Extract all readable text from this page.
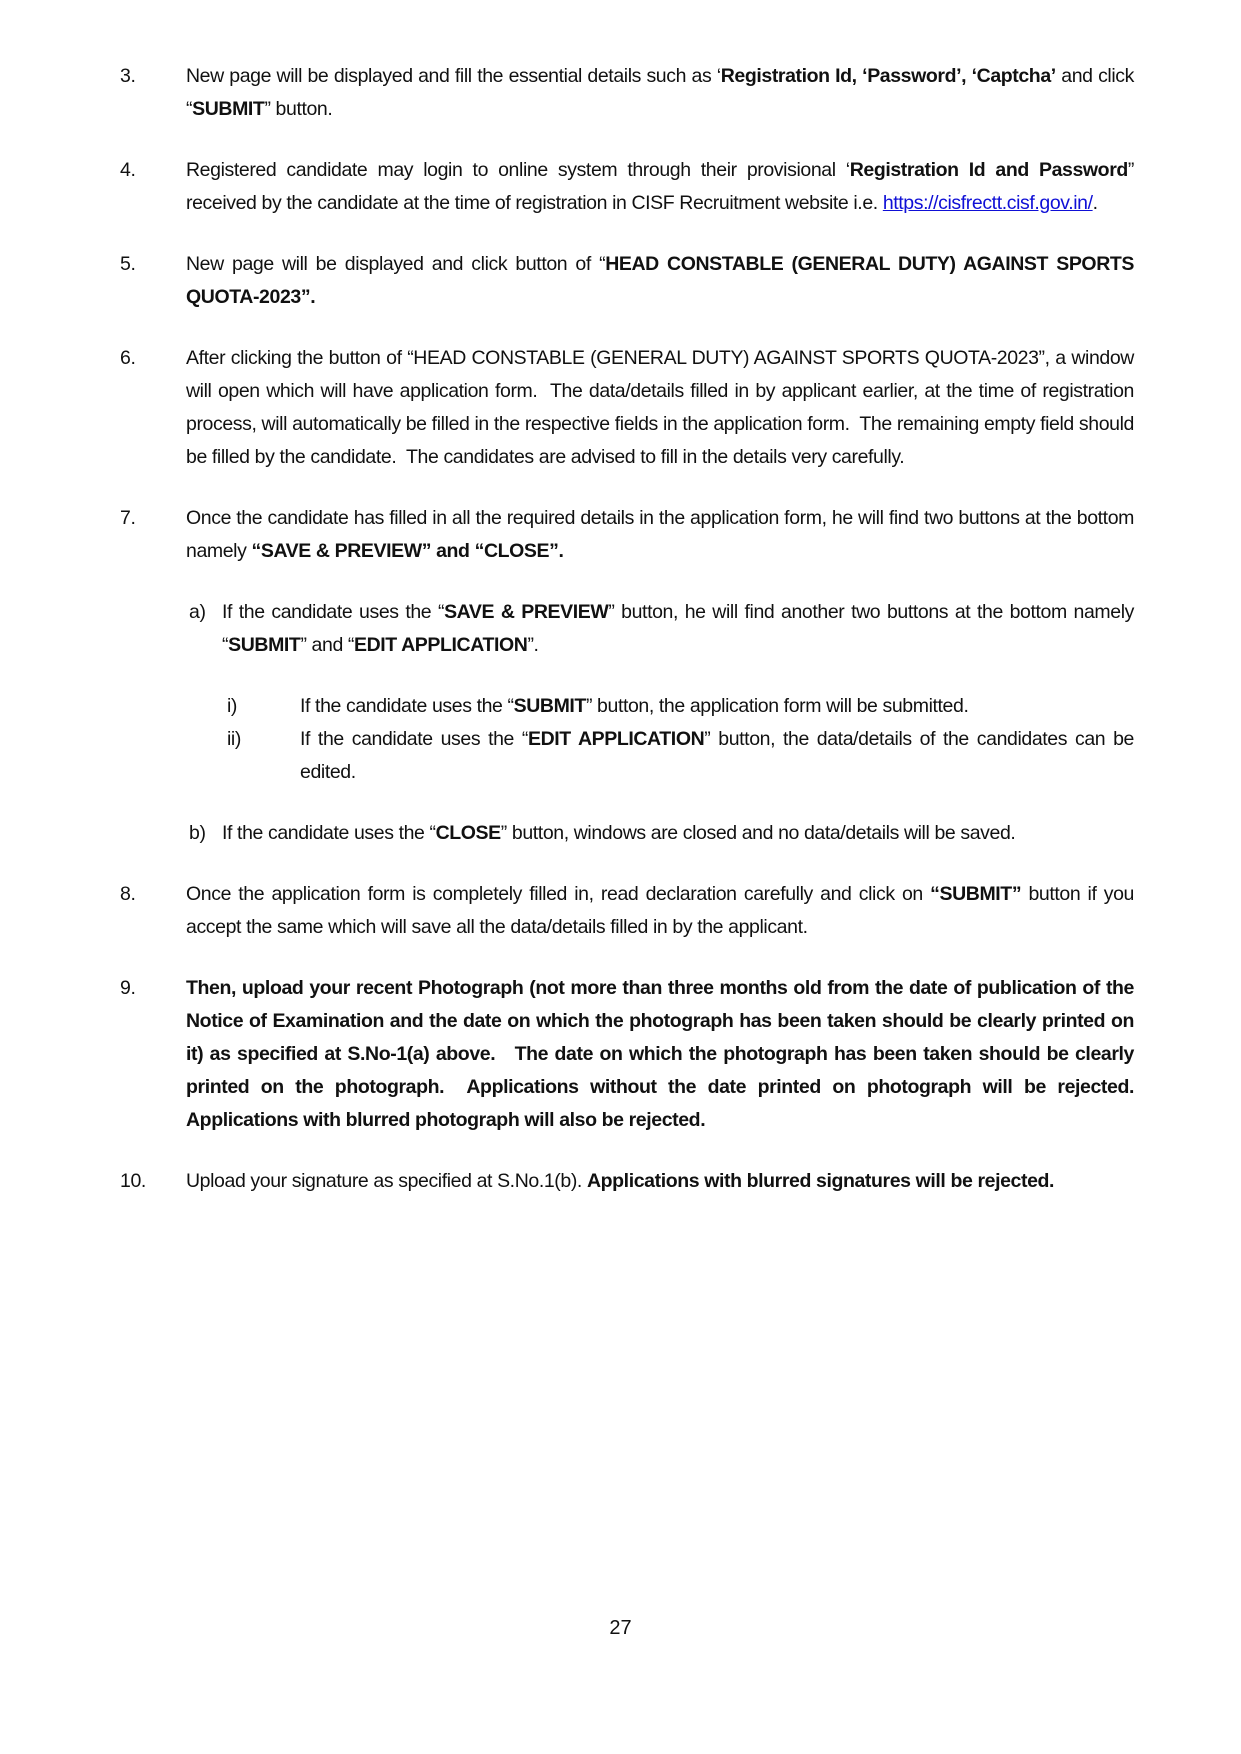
3.	New page will be displayed and fill the essential details such as ‘Registration Id, ‘Password’, ‘Captcha’ and click “SUBMIT” button.
4.	Registered candidate may login to online system through their provisional ‘Registration Id and Password” received by the candidate at the time of registration in CISF Recruitment website i.e. https://cisfrectt.cisf.gov.in/.
5.	New page will be displayed and click button of “HEAD CONSTABLE (GENERAL DUTY) AGAINST SPORTS QUOTA-2023”.
6.	After clicking the button of “HEAD CONSTABLE (GENERAL DUTY) AGAINST SPORTS QUOTA-2023”, a window will open which will have application form.  The data/details filled in by applicant earlier, at the time of registration process, will automatically be filled in the respective fields in the application form.  The remaining empty field should be filled by the candidate.  The candidates are advised to fill in the details very carefully.
7.	Once the candidate has filled in all the required details in the application form, he will find two buttons at the bottom namely “SAVE & PREVIEW” and “CLOSE”.
a) If the candidate uses the “SAVE & PREVIEW” button, he will find another two buttons at the bottom namely “SUBMIT” and “EDIT APPLICATION”.
i)	If the candidate uses the “SUBMIT” button, the application form will be submitted.
ii)	If the candidate uses the “EDIT APPLICATION” button, the data/details of the candidates can be edited.
b) If the candidate uses the “CLOSE” button, windows are closed and no data/details will be saved.
8.	Once the application form is completely filled in, read declaration carefully and click on “SUBMIT” button if you accept the same which will save all the data/details filled in by the applicant.
9.	Then, upload your recent Photograph (not more than three months old from the date of publication of the Notice of Examination and the date on which the photograph has been taken should be clearly printed on it) as specified at S.No-1(a) above.   The date on which the photograph has been taken should be clearly printed on the photograph.  Applications without the date printed on photograph will be rejected.  Applications with blurred photograph will also be rejected.
10.	Upload your signature as specified at S.No.1(b). Applications with blurred signatures will be rejected.
27
